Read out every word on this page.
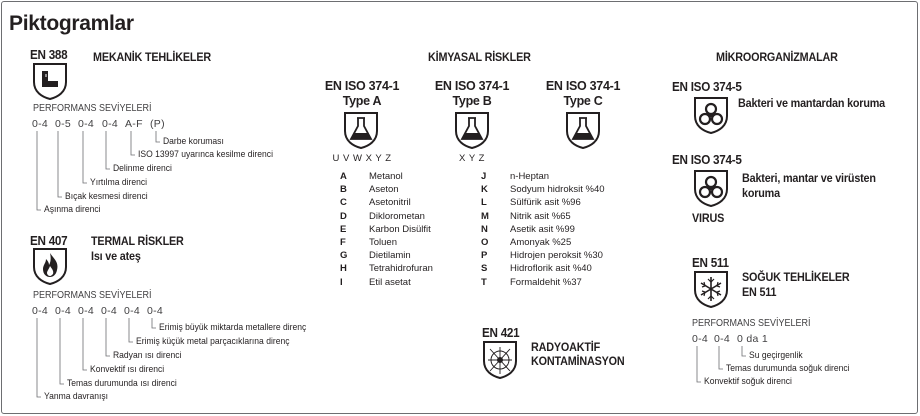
Piktogramlar
EN 388 MEKANİK TEHLİKELER
PERFORMANS SEVİYELERİ
0-4 0-5 0-4 0-4 A-F (P)
Darbe koruması
ISO 13997 uyarınca kesilme direnci
Delinme direnci
Yırtılma direnci
Bıçak kesmesi direnci
Aşınma direnci
EN 407 TERMAL RİSKLER
Isı ve ateş
PERFORMANS SEVİYELERİ
0-4 0-4 0-4 0-4 0-4 0-4
Erimiş büyük miktarda metallere direnç
Erimiş küçük metal parçacıklarına direnç
Radyan ısı direnci
Konvektif ısı direnci
Temas durumunda ısı direnci
Yanma davranışı
KİMYASAL RİSKLER
EN ISO 374-1
Type A
EN ISO 374-1
Type B
EN ISO 374-1
Type C
U V W X Y Z	X Y Z
A Metanol
B Aseton
C Asetonitril
D Diklorometan
E Karbon Disülfit
F Toluen
G Dietilamin
H Tetrahidrofuran
I	Etil asetat
J n-Heptan
K Sodyum hidroksit %40
L Sülfürik asit %96
M Nitrik asit %65
N Asetik asit %99
O Amonyak %25
P Hidrojen peroksit %30
S Hidroflorik asit %40
T Formaldehit %37
EN 421
RADYOAKTİF
KONTAMİNASYON
MİKROORGANİZMALAR
EN ISO 374-5
Bakteri ve mantardan koruma
EN ISO 374-5
Bakteri, mantar ve virüsten
koruma
VIRUS
EN 511
SOĞUK TEHLİKELER
EN 511
PERFORMANS SEVİYELERİ
0-4 0-4 0 da 1
Su geçirgenlik
Temas durumunda soğuk direnci
Konvektif soğuk direnci
